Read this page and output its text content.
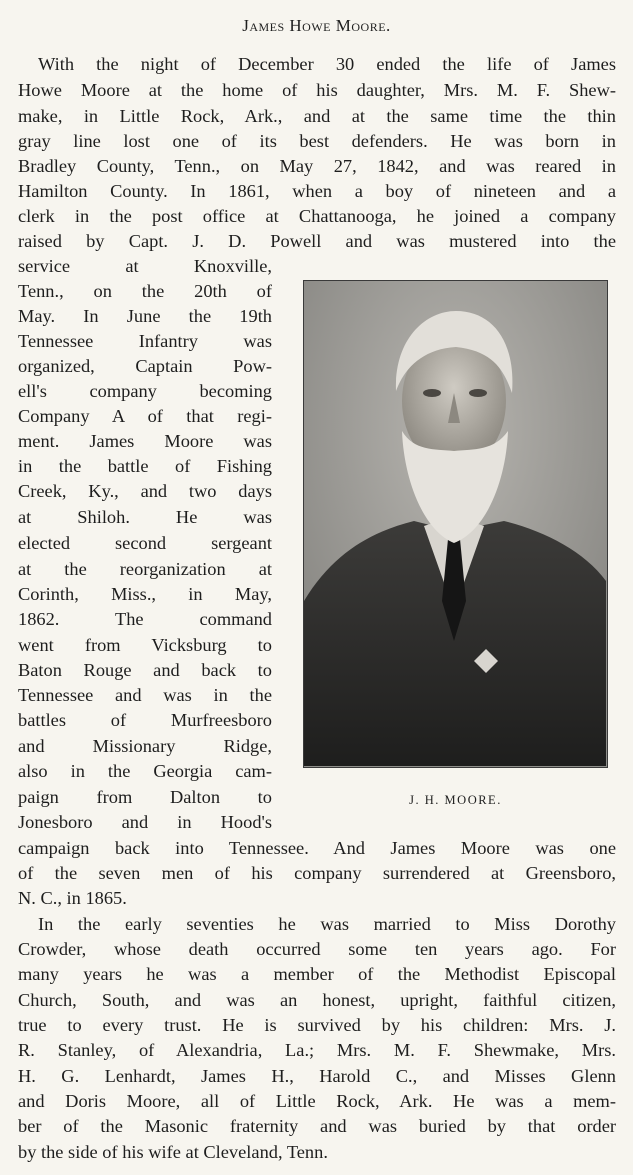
James Howe Moore.
With the night of December 30 ended the life of James
Howe Moore at the home of his daughter, Mrs. M. F. Shew-
make, in Little Rock, Ark., and at the same time the thin
gray line lost one of its best defenders. He was born in
Bradley County, Tenn., on May 27, 1842, and was reared in
Hamilton County. In 1861, when a boy of nineteen and a
clerk in the post office at Chattanooga, he joined a company
raised by Capt. J. D. Powell and was mustered into the
service at Knoxville,
Tenn., on the 20th of
May. In June the 19th
Tennessee Infantry was
organized, Captain Pow-
ell's company becoming
Company A of that regi-
ment. James Moore was
in the battle of Fishing
Creek, Ky., and two days
at Shiloh. He was
elected second sergeant
at the reorganization at
Corinth, Miss., in May,
1862. The command
went from Vicksburg to
Baton Rouge and back to
Tennessee and was in the
battles of Murfreesboro
and Missionary Ridge,
also in the Georgia cam-
paign from Dalton to
Jonesboro and in Hood's
campaign back into Tennessee. And James Moore was one
of the seven men of his company surrendered at Greensboro,
N. C., in 1865.
In the early seventies he was married to Miss Dorothy
Crowder, whose death occurred some ten years ago. For
many years he was a member of the Methodist Episcopal
Church, South, and was an honest, upright, faithful citizen,
true to every trust. He is survived by his children: Mrs. J.
R. Stanley, of Alexandria, La.; Mrs. M. F. Shewmake, Mrs.
H. G. Lenhardt, James H., Harold C., and Misses Glenn
and Doris Moore, all of Little Rock, Ark. He was a mem-
ber of the Masonic fraternity and was buried by that order
by the side of his wife at Cleveland, Tenn.
J. H. MOORE.
